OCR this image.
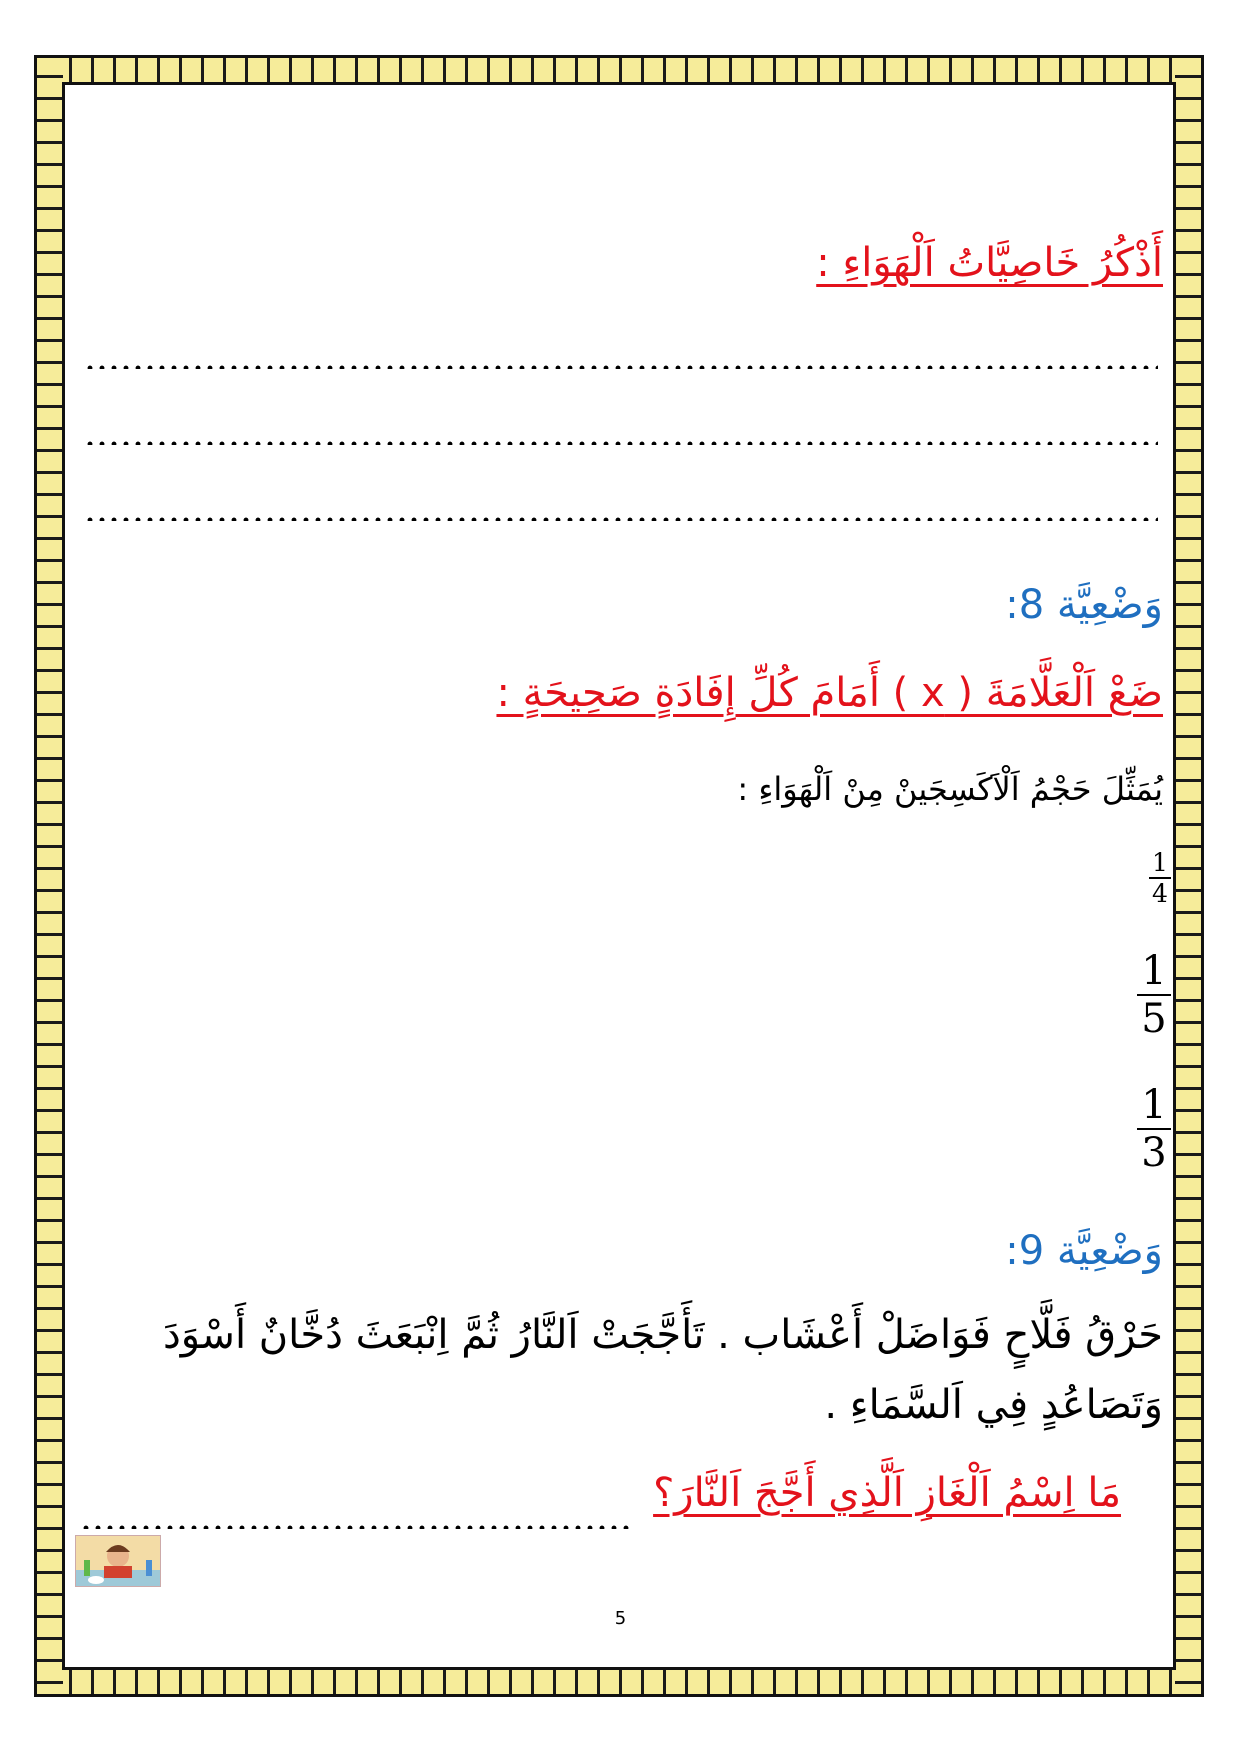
أَذْكُرُ خَاصِيَّاتُ اَلْهَوَاءِ :
وَضْعِيَّة 8:
ضَعْ اَلْعَلَّامَةَ ( x ) أَمَامَ كُلِّ إِفَادَةٍ صَحِيحَةٍ :
يُمَثِّلَ حَجْمُ اَلْاَكَسِجَينْ مِنْ اَلْهَوَاءِ :
1
4
1
5
1
3
وَضْعِيَّة 9:
حَرْقُ فَلَّاحٍ فَوَاضَلْ أَعْشَاب . تَأَجَّجَتْ اَلنَّارُ ثُمَّ اِنْبَعَثَ دُخَّانٌ أَسْوَدَ
وَتَصَاعُدٍ فِي اَلسَّمَاءِ .
مَا اِسْمُ اَلْغَازِ اَلَّذِي أَجَّجَ اَلنَّارَ؟
5
